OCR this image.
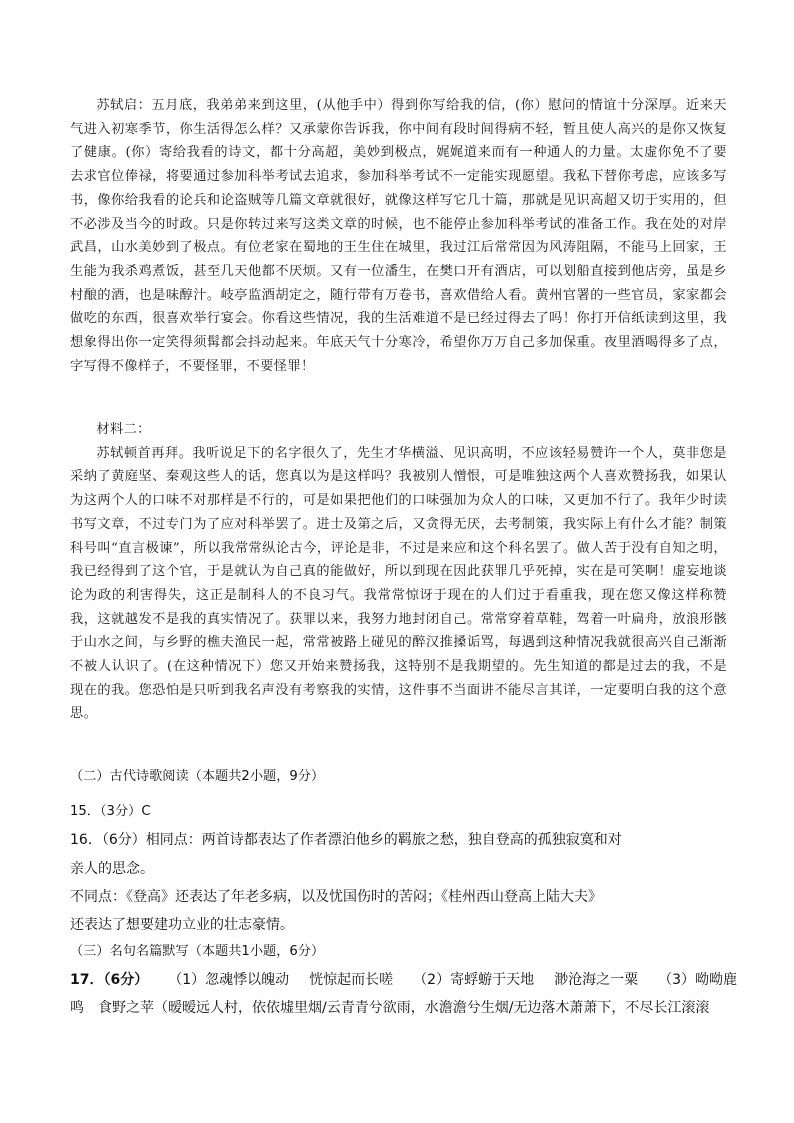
苏轼启：五月底，我弟弟来到这里，(从他手中）得到你写给我的信，(你）慰问的情谊十分深厚。近来天气进入初寒季节，你生活得怎么样？又承蒙你告诉我，你中间有段时间得病不轻，暂且使人高兴的是你又恢复了健康。(你）寄给我看的诗文，都十分高超，美妙到极点，娓娓道来而有一种通人的力量。太虚你免不了要去求官位俸禄，将要通过参加科举考试去追求，参加科举考试不一定能实现愿望。我私下替你考虑，应该多写书，像你给我看的论兵和论盗贼等几篇文章就很好，就像这样写它几十篇，那就是见识高超又切于实用的，但不必涉及当今的时政。只是你转过来写这类文章的时候，也不能停止参加科举考试的准备工作。我在处的对岸武昌，山水美妙到了极点。有位老家在蜀地的王生住在城里，我过江后常常因为风涛阻隔，不能马上回家，王生能为我杀鸡煮饭，甚至几天他都不厌烦。又有一位潘生，在樊口开有酒店，可以划船直接到他店旁，虽是乡村酿的酒，也是味醇汁。岐亭监酒胡定之，随行带有万卷书，喜欢借给人看。黄州官署的一些官员，家家都会做吃的东西，很喜欢举行宴会。你看这些情况，我的生活难道不是已经过得去了吗！你打开信纸读到这里，我想象得出你一定笑得须髯都会抖动起来。年底天气十分寒冷，希望你万万自己多加保重。夜里酒喝得多了点，字写得不像样子，不要怪罪，不要怪罪！

材料二：

苏轼顿首再拜。我听说足下的名字很久了，先生才华横溢、见识高明，不应该轻易赞许一个人，莫非您是采纳了黄庭坚、秦观这些人的话，您真以为是这样吗？我被别人憎恨，可是唯独这两个人喜欢赞扬我，如果认为这两个人的口味不对那样是不行的，可是如果把他们的口味强加为众人的口味，又更加不行了。我年少时读书写文章，不过专门为了应对科举罢了。进士及第之后，又贪得无厌，去考制策，我实际上有什么才能？制策科号叫“直言极谏”，所以我常常纵论古今，评论是非，不过是来应和这个科名罢了。做人苦于没有自知之明，我已经得到了这个官，于是就认为自己真的能做好，所以到现在因此获罪几乎死掉，实在是可笑啊！虚妄地谈论为政的利害得失，这正是制科人的不良习气。我常常惊讶于现在的人们过于看重我，现在您又像这样称赞我，这就越发不是我的真实情况了。获罪以来，我努力地封闭自己。常常穿着草鞋，驾着一叶扁舟，放浪形骸于山水之间，与乡野的樵夫渔民一起，常常被路上碰见的醉汉推搡诟骂，每遇到这种情况我就很高兴自己渐渐不被人认识了。(在这种情况下）您又开始来赞扬我，这特别不是我期望的。先生知道的都是过去的我，不是现在的我。您恐怕是只听到我名声没有考察我的实情，这件事不当面讲不能尽言其详，一定要明白我的这个意思。

（二）古代诗歌阅读（本题共2小题，9分）
15．（3分）C
16．（6分）相同点：两首诗都表达了作者漂泊他乡的羁旅之愁，独自登高的孤独寂寞和对
亲人的思念。
不同点：《登高》还表达了年老多病，以及忧国伤时的苦闷；《桂州西山登高上陆大夫》
还表达了想要建功立业的壮志豪情。
（三）名句名篇默写（本题共1小题，6分）
17．（6分） （1）忽魂悸以魄动 恍惊起而长嗟 （2）寄蜉蝣于天地 渺沧海之一粟 （3）呦呦鹿
鸣　食野之苹（暧暧远人村，依依墟里烟/云青青兮欲雨，水澹澹兮生烟/无边落木萧萧下，不尽长江滚滚
